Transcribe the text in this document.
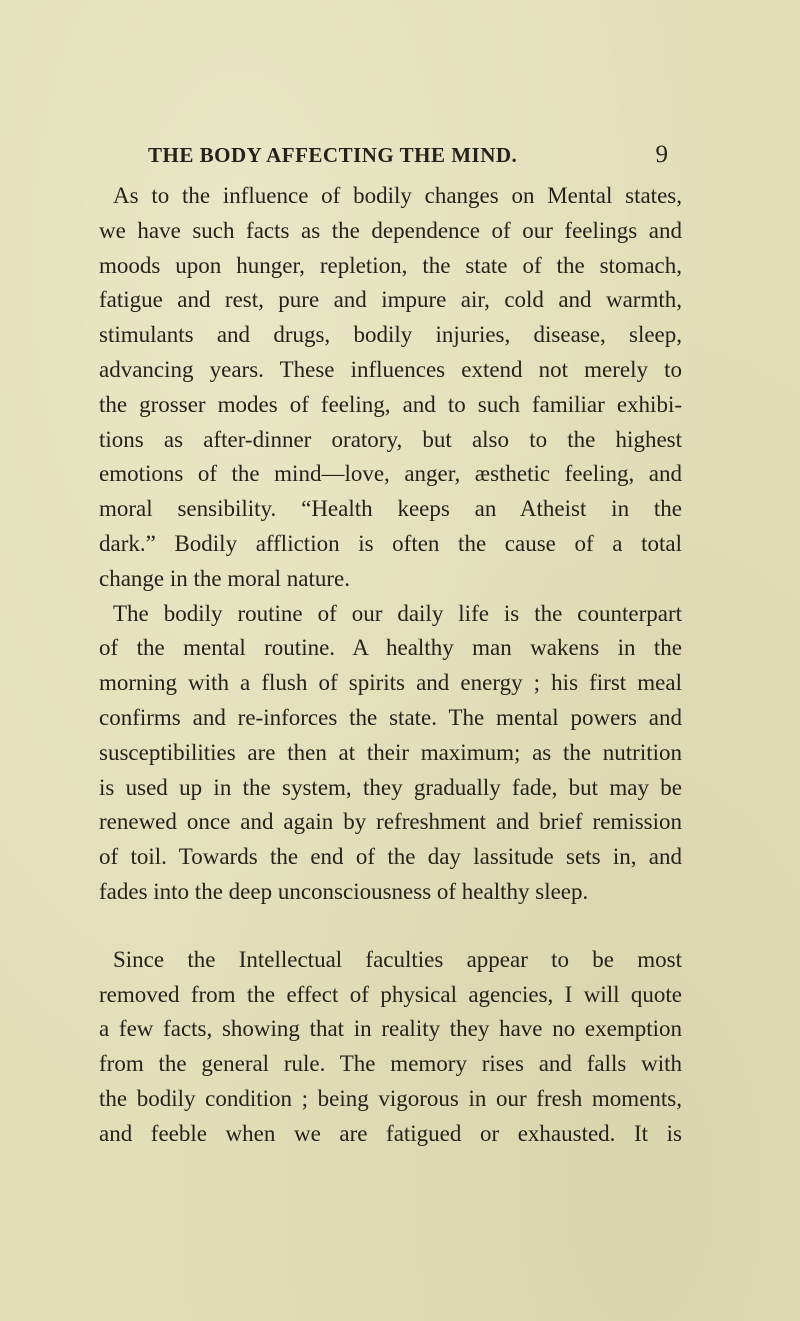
THE BODY AFFECTING THE MIND.	9
As to the influence of bodily changes on Mental states,
we have such facts as the dependence of our feelings and
moods upon hunger, repletion, the state of the stomach,
fatigue and rest, pure and impure air, cold and warmth,
stimulants and drugs, bodily injuries, disease, sleep,
advancing years. These influences extend not merely to
the grosser modes of feeling, and to such familiar exhibi-
tions as after-dinner oratory, but also to the highest
emotions of the mind—love, anger, æsthetic feeling, and
moral sensibility. “Health keeps an Atheist in the
dark.” Bodily affliction is often the cause of a total
change in the moral nature.
The bodily routine of our daily life is the counterpart
of the mental routine. A healthy man wakens in the
morning with a flush of spirits and energy ; his first meal
confirms and re-inforces the state. The mental powers and
susceptibilities are then at their maximum; as the nutrition
is used up in the system, they gradually fade, but may be
renewed once and again by refreshment and brief remission
of toil. Towards the end of the day lassitude sets in, and
fades into the deep unconsciousness of healthy sleep.
Since the Intellectual faculties appear to be most
removed from the effect of physical agencies, I will quote
a few facts, showing that in reality they have no exemption
from the general rule. The memory rises and falls with
the bodily condition ; being vigorous in our fresh moments,
and feeble when we are fatigued or exhausted. It is
